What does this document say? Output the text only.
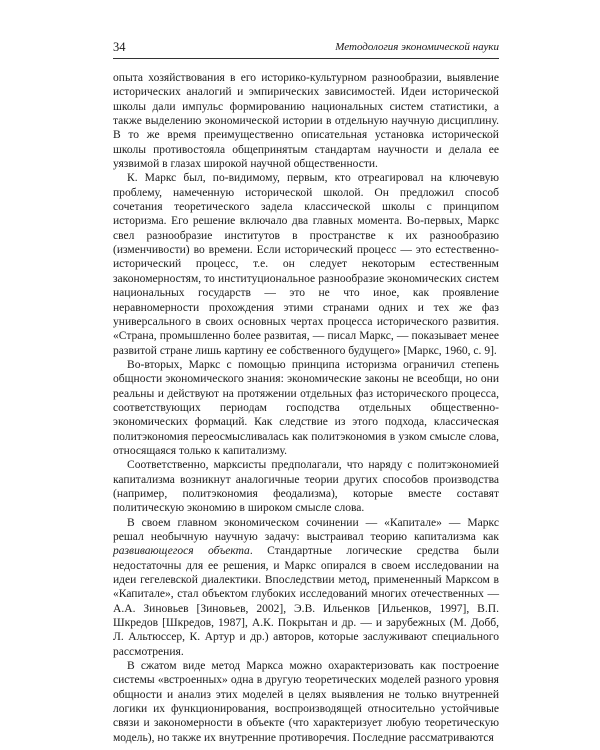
34	Методология экономической науки

опыта хозяйствования в его историко-культурном разнообразии, выявление исторических аналогий и эмпирических зависимостей. Идеи исторической школы дали импульс формированию национальных систем статистики, а также выделению экономической истории в отдельную научную дисциплину. В то же время преимущественно описательная установка исторической школы противостояла общепринятым стандартам научности и делала ее уязвимой в глазах широкой научной общественности.

К. Маркс был, по-видимому, первым, кто отреагировал на ключевую проблему, намеченную исторической школой. Он предложил способ сочетания теоретического задела классической школы с принципом историзма. Его решение включало два главных момента. Во-первых, Маркс свел разнообразие институтов в пространстве к их разнообразию (изменчивости) во времени. Если исторический процесс — это естественно-исторический процесс, т.е. он следует некоторым естественным закономерностям, то институциональное разнообразие экономических систем национальных государств — это не что иное, как проявление неравномерности прохождения этими странами одних и тех же фаз универсального в своих основных чертах процесса исторического развития. «Страна, промышленно более развитая, — писал Маркс, — показывает менее развитой стране лишь картину ее собственного будущего» [Маркс, 1960, с. 9].

Во-вторых, Маркс с помощью принципа историзма ограничил степень общности экономического знания: экономические законы не всеобщи, но они реальны и действуют на протяжении отдельных фаз исторического процесса, соответствующих периодам господства отдельных общественно-экономических формаций. Как следствие из этого подхода, классическая политэкономия переосмысливалась как политэкономия в узком смысле слова, относящаяся только к капитализму.

Соответственно, марксисты предполагали, что наряду с политэкономией капитализма возникнут аналогичные теории других способов производства (например, политэкономия феодализма), которые вместе составят политическую экономию в широком смысле слова.

В своем главном экономическом сочинении — «Капитале» — Маркс решал необычную научную задачу: выстраивал теорию капитализма как развивающегося объекта. Стандартные логические средства были недостаточны для ее решения, и Маркс опирался в своем исследовании на идеи гегелевской диалектики. Впоследствии метод, примененный Марксом в «Капитале», стал объектом глубоких исследований многих отечественных — А.А. Зиновьев [Зиновьев, 2002], Э.В. Ильенков [Ильенков, 1997], В.П. Шкредов [Шкредов, 1987], А.К. Покрытан и др. — и зарубежных (М. Добб, Л. Альтюссер, К. Артур и др.) авторов, которые заслуживают специального рассмотрения.

В сжатом виде метод Маркса можно охарактеризовать как построение системы «встроенных» одна в другую теоретических моделей разного уровня общности и анализ этих моделей в целях выявления не только внутренней логики их функционирования, воспроизводящей относительно устойчивые связи и закономерности в объекте (что характеризует любую теоретическую модель), но также их внутренние противоречия. Последние рассматриваются
